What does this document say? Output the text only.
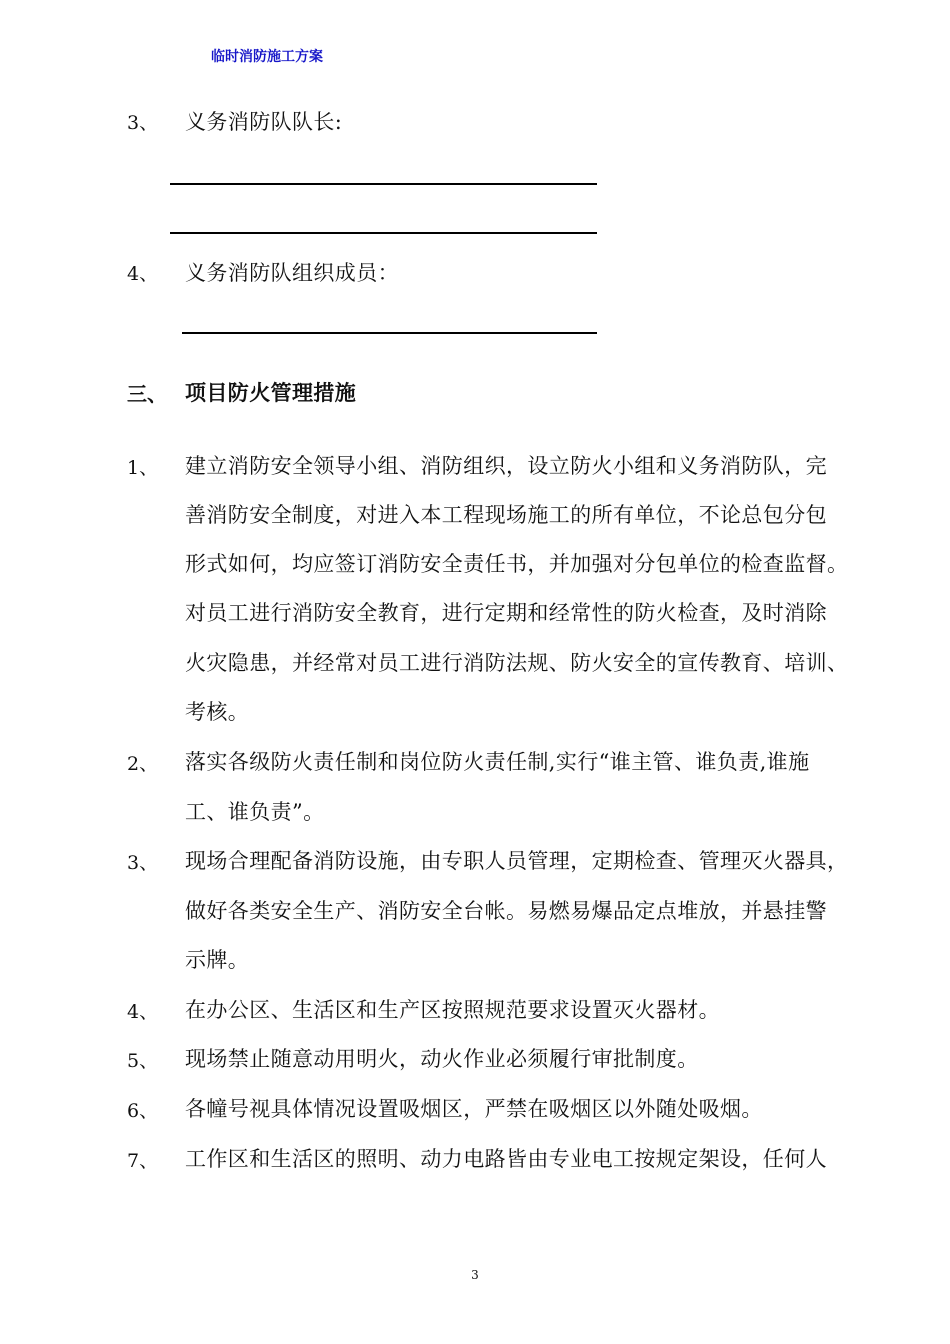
临时消防施工方案
3、 义务消防队队长:
4、 义务消防队组织成员：
三、 项目防火管理措施
1、 建立消防安全领导小组、消防组织，设立防火小组和义务消防队，完
善消防安全制度，对进入本工程现场施工的所有单位，不论总包分包
形式如何，均应签订消防安全责任书，并加强对分包单位的检查监督。
对员工进行消防安全教育，进行定期和经常性的防火检查，及时消除
火灾隐患，并经常对员工进行消防法规、防火安全的宣传教育、培训、
考核。
2、 落实各级防火责任制和岗位防火责任制,实行“谁主管、谁负责,谁施
工、谁负责”。
3、 现场合理配备消防设施，由专职人员管理，定期检查、管理灭火器具，
做好各类安全生产、消防安全台帐。易燃易爆品定点堆放，并悬挂警
示牌。
4、 在办公区、生活区和生产区按照规范要求设置灭火器材。
5、 现场禁止随意动用明火，动火作业必须履行审批制度。
6、 各幢号视具体情况设置吸烟区，严禁在吸烟区以外随处吸烟。
7、 工作区和生活区的照明、动力电路皆由专业电工按规定架设，任何人
3
